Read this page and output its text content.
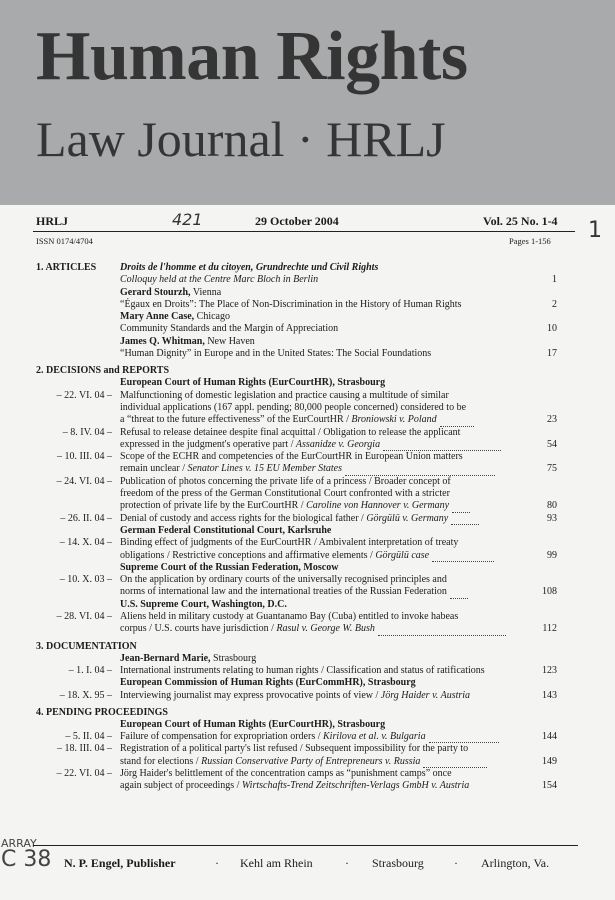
Human Rights
Law Journal · HRLJ
HRLJ	29 October 2004	Vol. 25 No. 1-4
421	1
ISSN 0174/4704	Pages 1-156
1. ARTICLES Droits de l'homme et du citoyen, Grundrechte und Civil Rights
Colloquy held at the Centre Marc Bloch in Berlin	1
Gerard Stourzh, Vienna
“Égaux en Droits”: The Place of Non-Discrimination in the History of Human Rights	2
Mary Anne Case, Chicago
Community Standards and the Margin of Appreciation	10
James Q. Whitman, New Haven
“Human Dignity” in Europe and in the United States: The Social Foundations	17
2. DECISIONS and REPORTS
European Court of Human Rights (EurCourtHR), Strasbourg
– 22. VI. 04 – Malfunctioning of domestic legislation and practice causing a multitude of similar
individual applications (167 appl. pending; 80,000 people concerned) considered to be
a “threat to the future effectiveness” of the EurCourtHR / Broniowski v. Poland	23
– 8. IV. 04 – Refusal to release detainee despite final acquittal / Obligation to release the applicant
expressed in the judgment's operative part / Assanidze v. Georgia	54
– 10. III. 04 – Scope of the ECHR and competencies of the EurCourtHR in European Union matters
remain unclear / Senator Lines v. 15 EU Member States	75
– 24. VI. 04 – Publication of photos concerning the private life of a princess / Broader concept of
freedom of the press of the German Constitutional Court confronted with a stricter
protection of private life by the EurCourtHR / Caroline von Hannover v. Germany	80
– 26. II. 04 – Denial of custody and access rights for the biological father / Görgülü v. Germany	93
German Federal Constitutional Court, Karlsruhe
– 14. X. 04 – Binding effect of judgments of the EurCourtHR / Ambivalent interpretation of treaty
obligations / Restrictive conceptions and affirmative elements / Görgülü case	99
Supreme Court of the Russian Federation, Moscow
– 10. X. 03 – On the application by ordinary courts of the universally recognised principles and
norms of international law and the international treaties of the Russian Federation	108
U.S. Supreme Court, Washington, D.C.
– 28. VI. 04 – Aliens held in military custody at Guantanamo Bay (Cuba) entitled to invoke habeas
corpus / U.S. courts have jurisdiction / Rasul v. George W. Bush	112
3. DOCUMENTATION
Jean-Bernard Marie, Strasbourg
– 1. I. 04 – International instruments relating to human rights / Classification and status of ratifications	123
European Commission of Human Rights (EurCommHR), Strasbourg
– 18. X. 95 – Interviewing journalist may express provocative points of view / Jörg Haider v. Austria	143
4. PENDING PROCEEDINGS
European Court of Human Rights (EurCourtHR), Strasbourg
– 5. II. 04 – Failure of compensation for expropriation orders / Kirilova et al. v. Bulgaria	144
– 18. III. 04 – Registration of a political party's list refused / Subsequent impossibility for the party to
stand for elections / Russian Conservative Party of Entrepreneurs v. Russia	149
– 22. VI. 04 – Jörg Haider's belittlement of the concentration camps as “punishment camps” once
again subject of proceedings / Wirtschafts-Trend Zeitschriften-Verlags GmbH v. Austria	154
ARRAY
C 38 N. P. Engel, Publisher	· Kehl am Rhein	· Strasbourg	· Arlington, Va.
